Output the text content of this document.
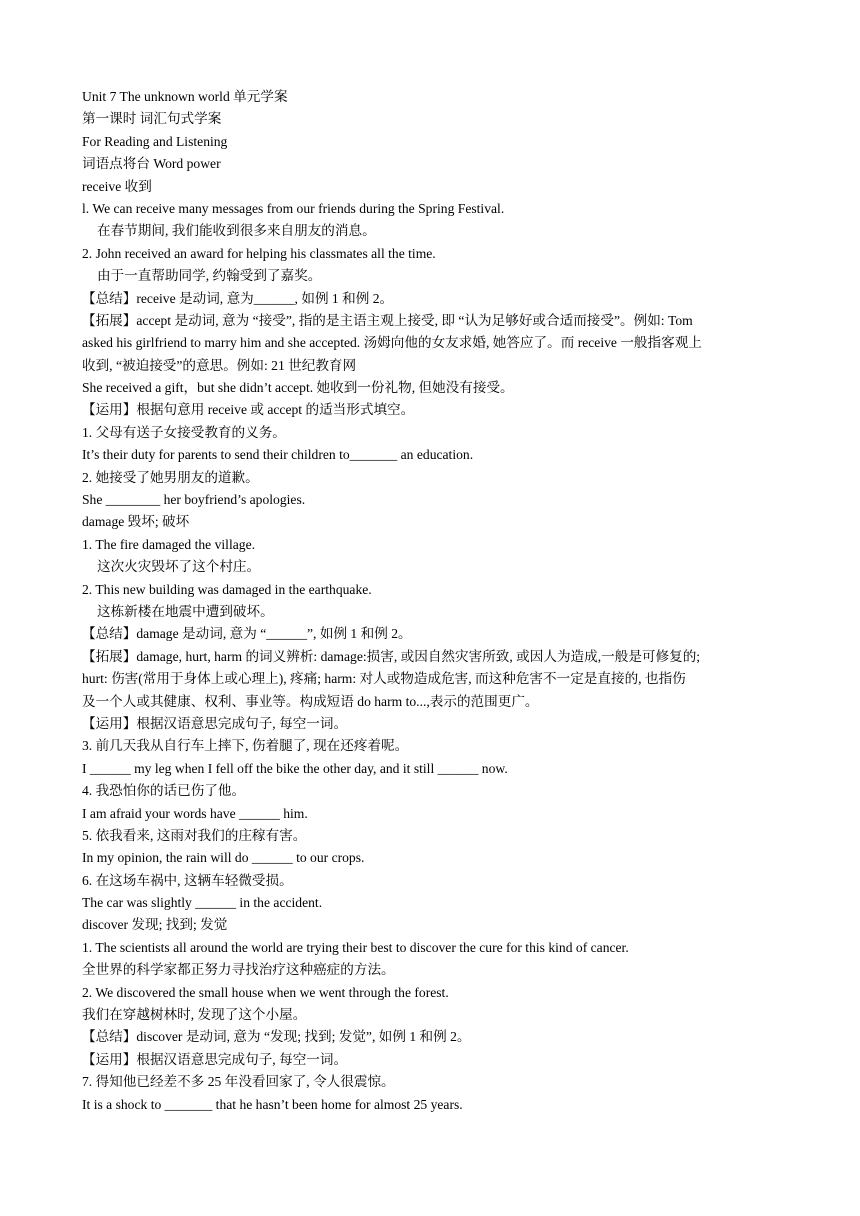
Unit 7 The unknown world 单元学案
第一课时 词汇句式学案
For Reading and Listening
词语点将台 Word power
receive 收到
l. We can receive many messages from our friends during the Spring Festival.
在春节期间, 我们能收到很多来自朋友的消息。
2. John received an award for helping his classmates all the time.
由于一直帮助同学, 约翰受到了嘉奖。
【总结】receive 是动词, 意为______, 如例 1 和例 2。
【拓展】accept 是动词, 意为 “接受”, 指的是主语主观上接受, 即 “认为足够好或合适而接受”。例如: Tom
asked his girlfriend to marry him and she accepted. 汤姆向他的女友求婚, 她答应了。而 receive 一般指客观上
收到, “被迫接受”的意思。例如: 21 世纪教育网
She received a gift，but she didn’t accept. 她收到一份礼物, 但她没有接受。
【运用】根据句意用 receive 或 accept 的适当形式填空。
1. 父母有送子女接受教育的义务。
It’s their duty for parents to send their children to_______ an education.
2. 她接受了她男朋友的道歉。
She ________ her boyfriend’s apologies.
damage 毁坏; 破坏
1. The fire damaged the village.
这次火灾毁坏了这个村庄。
2. This new building was damaged in the earthquake.
这栋新楼在地震中遭到破坏。
【总结】damage 是动词, 意为 “______”, 如例 1 和例 2。
【拓展】damage, hurt, harm 的词义辨析: damage:损害, 或因自然灾害所致, 或因人为造成,一般是可修复的;
hurt: 伤害(常用于身体上或心理上), 疼痛; harm: 对人或物造成危害, 而这种危害不一定是直接的, 也指伤
及一个人或其健康、权利、事业等。构成短语 do harm to...,表示的范围更广。
【运用】根据汉语意思完成句子, 每空一词。
3. 前几天我从自行车上摔下, 伤着腿了, 现在还疼着呢。
I ______ my leg when I fell off the bike the other day, and it still ______ now.
4. 我恐怕你的话已伤了他。
I am afraid your words have ______ him.
5. 依我看来, 这雨对我们的庄稼有害。
In my opinion, the rain will do ______ to our crops.
6. 在这场车祸中, 这辆车轻微受损。
The car was slightly ______ in the accident.
discover 发现; 找到; 发觉
1. The scientists all around the world are trying their best to discover the cure for this kind of cancer.
全世界的科学家都正努力寻找治疗这种癌症的方法。
2. We discovered the small house when we went through the forest.
我们在穿越树林时, 发现了这个小屋。
【总结】discover 是动词, 意为 “发现; 找到; 发觉”, 如例 1 和例 2。
【运用】根据汉语意思完成句子, 每空一词。
7. 得知他已经差不多 25 年没看回家了, 令人很震惊。
It is a shock to _______ that he hasn’t been home for almost 25 years.
